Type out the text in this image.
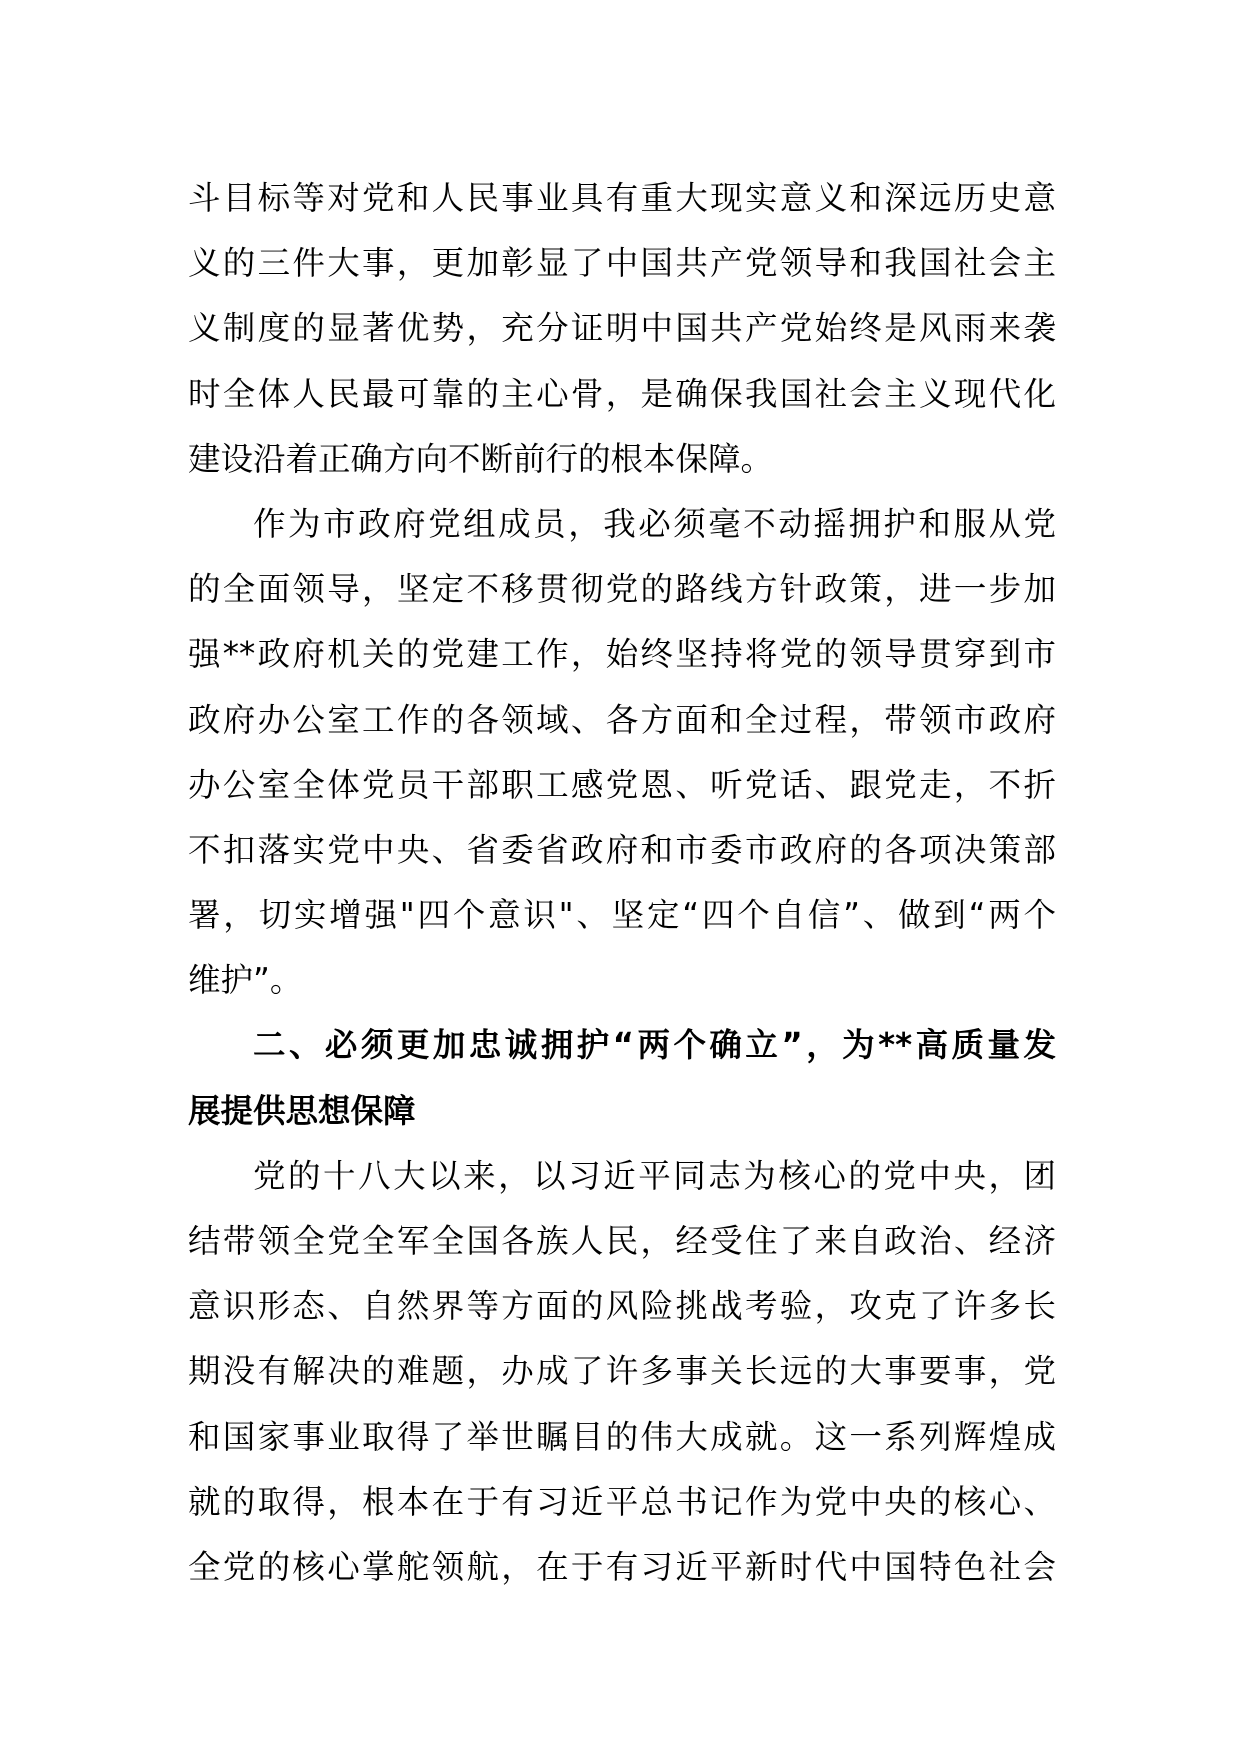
斗目标等对党和人民事业具有重大现实意义和深远历史意
义的三件大事，更加彰显了中国共产党领导和我国社会主
义制度的显著优势，充分证明中国共产党始终是风雨来袭
时全体人民最可靠的主心骨，是确保我国社会主义现代化
建设沿着正确方向不断前行的根本保障。
作为市政府党组成员，我必须毫不动摇拥护和服从党
的全面领导，坚定不移贯彻党的路线方针政策，进一步加
强**政府机关的党建工作，始终坚持将党的领导贯穿到市
政府办公室工作的各领域、各方面和全过程，带领市政府
办公室全体党员干部职工感党恩、听党话、跟党走，不折
不扣落实党中央、省委省政府和市委市政府的各项决策部
署，切实增强"四个意识"、坚定“四个自信”、做到“两个
维护”。
二、必须更加忠诚拥护“两个确立”，为**高质量发
展提供思想保障
党的十八大以来，以习近平同志为核心的党中央，团
结带领全党全军全国各族人民，经受住了来自政治、经济
意识形态、自然界等方面的风险挑战考验，攻克了许多长
期没有解决的难题，办成了许多事关长远的大事要事，党
和国家事业取得了举世瞩目的伟大成就。这一系列辉煌成
就的取得，根本在于有习近平总书记作为党中央的核心、
全党的核心掌舵领航，在于有习近平新时代中国特色社会
